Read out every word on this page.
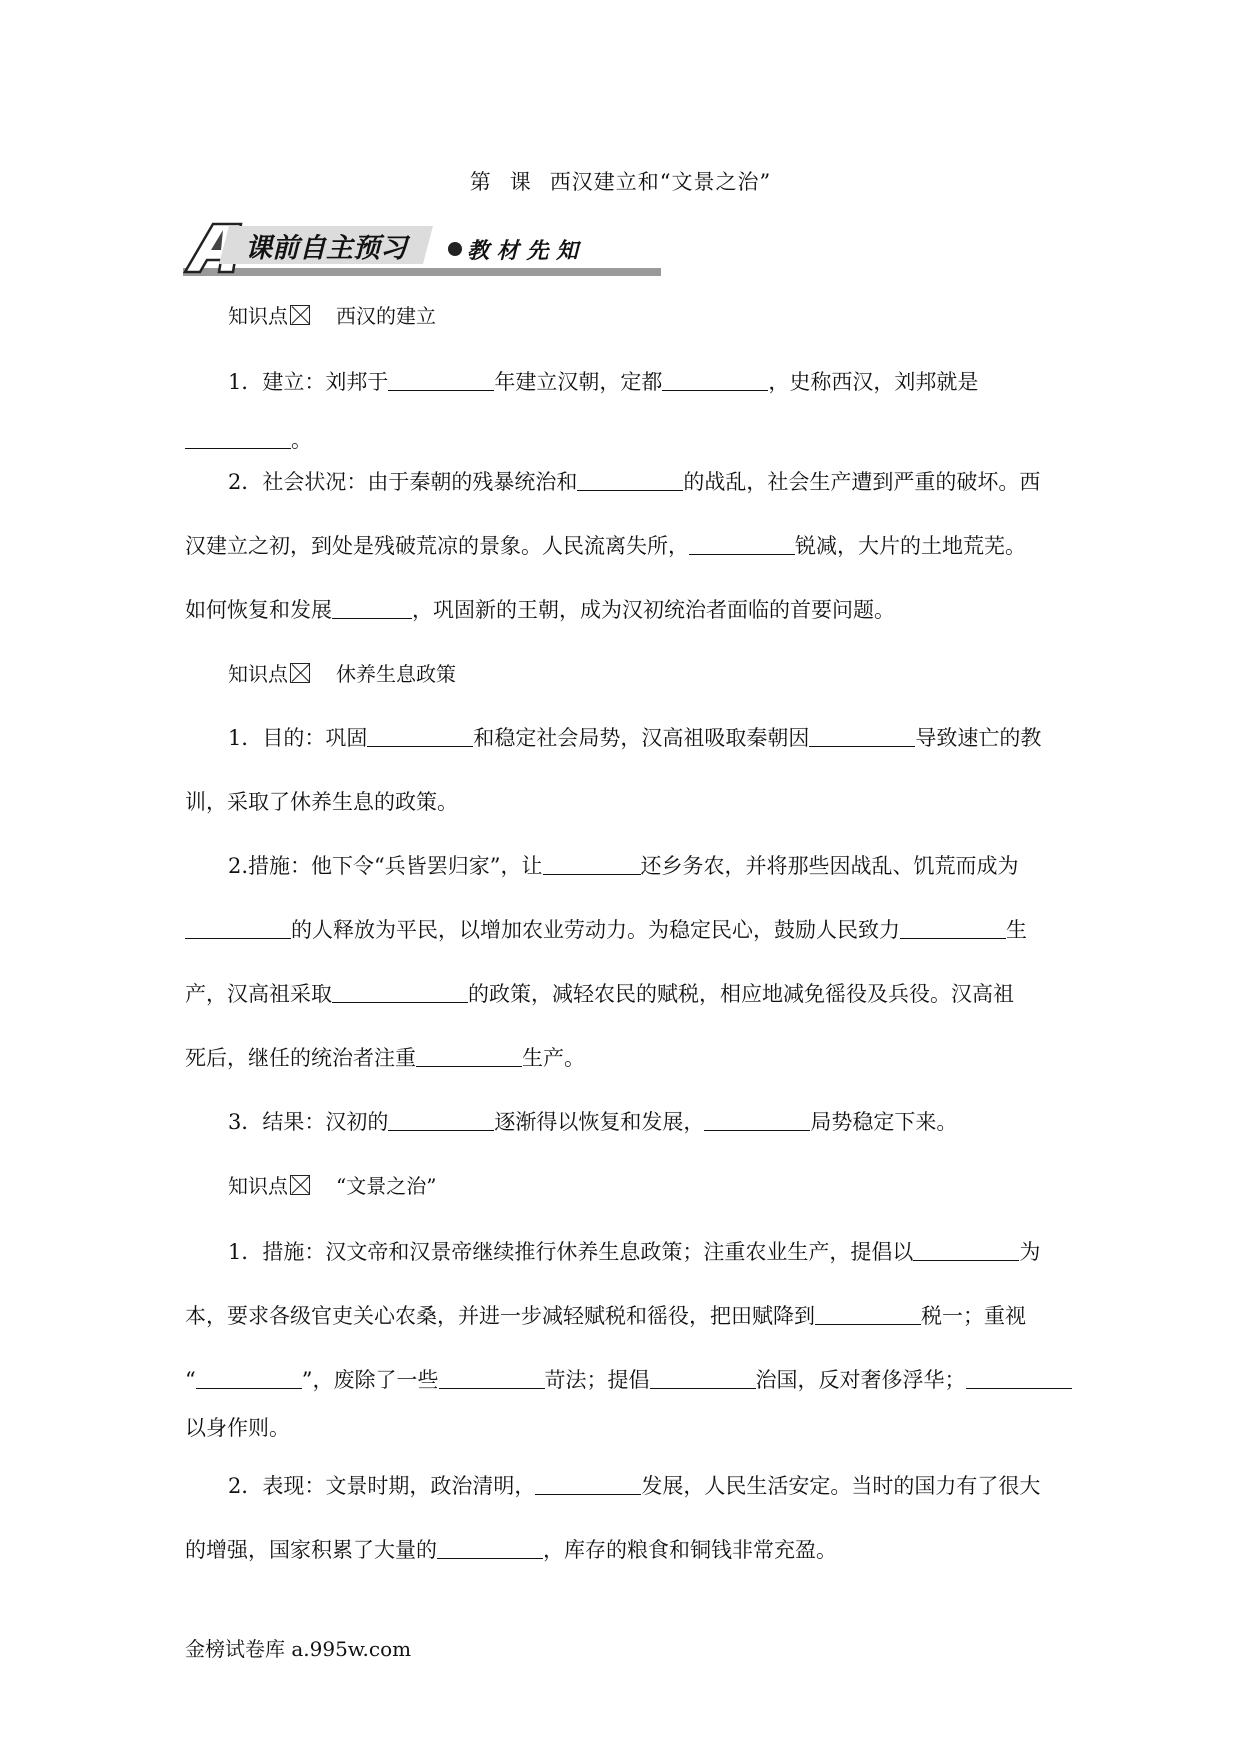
第 课 西汉建立和“文景之治”
课前自主预习	教 材 先 知
知识点 西汉的建立
1．建立：刘邦于	年建立汉朝，定都	，史称西汉，刘邦就是
。
2．社会状况：由于秦朝的残暴统治和	的战乱，社会生产遭到严重的破坏。西
汉建立之初，到处是残破荒凉的景象。人民流离失所，	锐减，大片的土地荒芜。
如何恢复和发展	，巩固新的王朝，成为汉初统治者面临的首要问题。
知识点 休养生息政策
1．目的：巩固	和稳定社会局势，汉高祖吸取秦朝因	导致速亡的教
训，采取了休养生息的政策。
2.措施：他下令“兵皆罢归家”，让	还乡务农，并将那些因战乱、饥荒而成为
的人释放为平民，以增加农业劳动力。为稳定民心，鼓励人民致力	生
产，汉高祖采取	的政策，减轻农民的赋税，相应地减免徭役及兵役。汉高祖
死后，继任的统治者注重	生产。
3．结果：汉初的	逐渐得以恢复和发展，	局势稳定下来。
知识点 “文景之治”
1．措施：汉文帝和汉景帝继续推行休养生息政策；注重农业生产，提倡以	为
本，要求各级官吏关心农桑，并进一步减轻赋税和徭役，把田赋降到	税一；重视
“	”，废除了一些	苛法；提倡	治国，反对奢侈浮华；
以身作则。
2．表现：文景时期，政治清明，	发展，人民生活安定。当时的国力有了很大
的增强，国家积累了大量的	，库存的粮食和铜钱非常充盈。
金榜试卷库 a.995w.com
